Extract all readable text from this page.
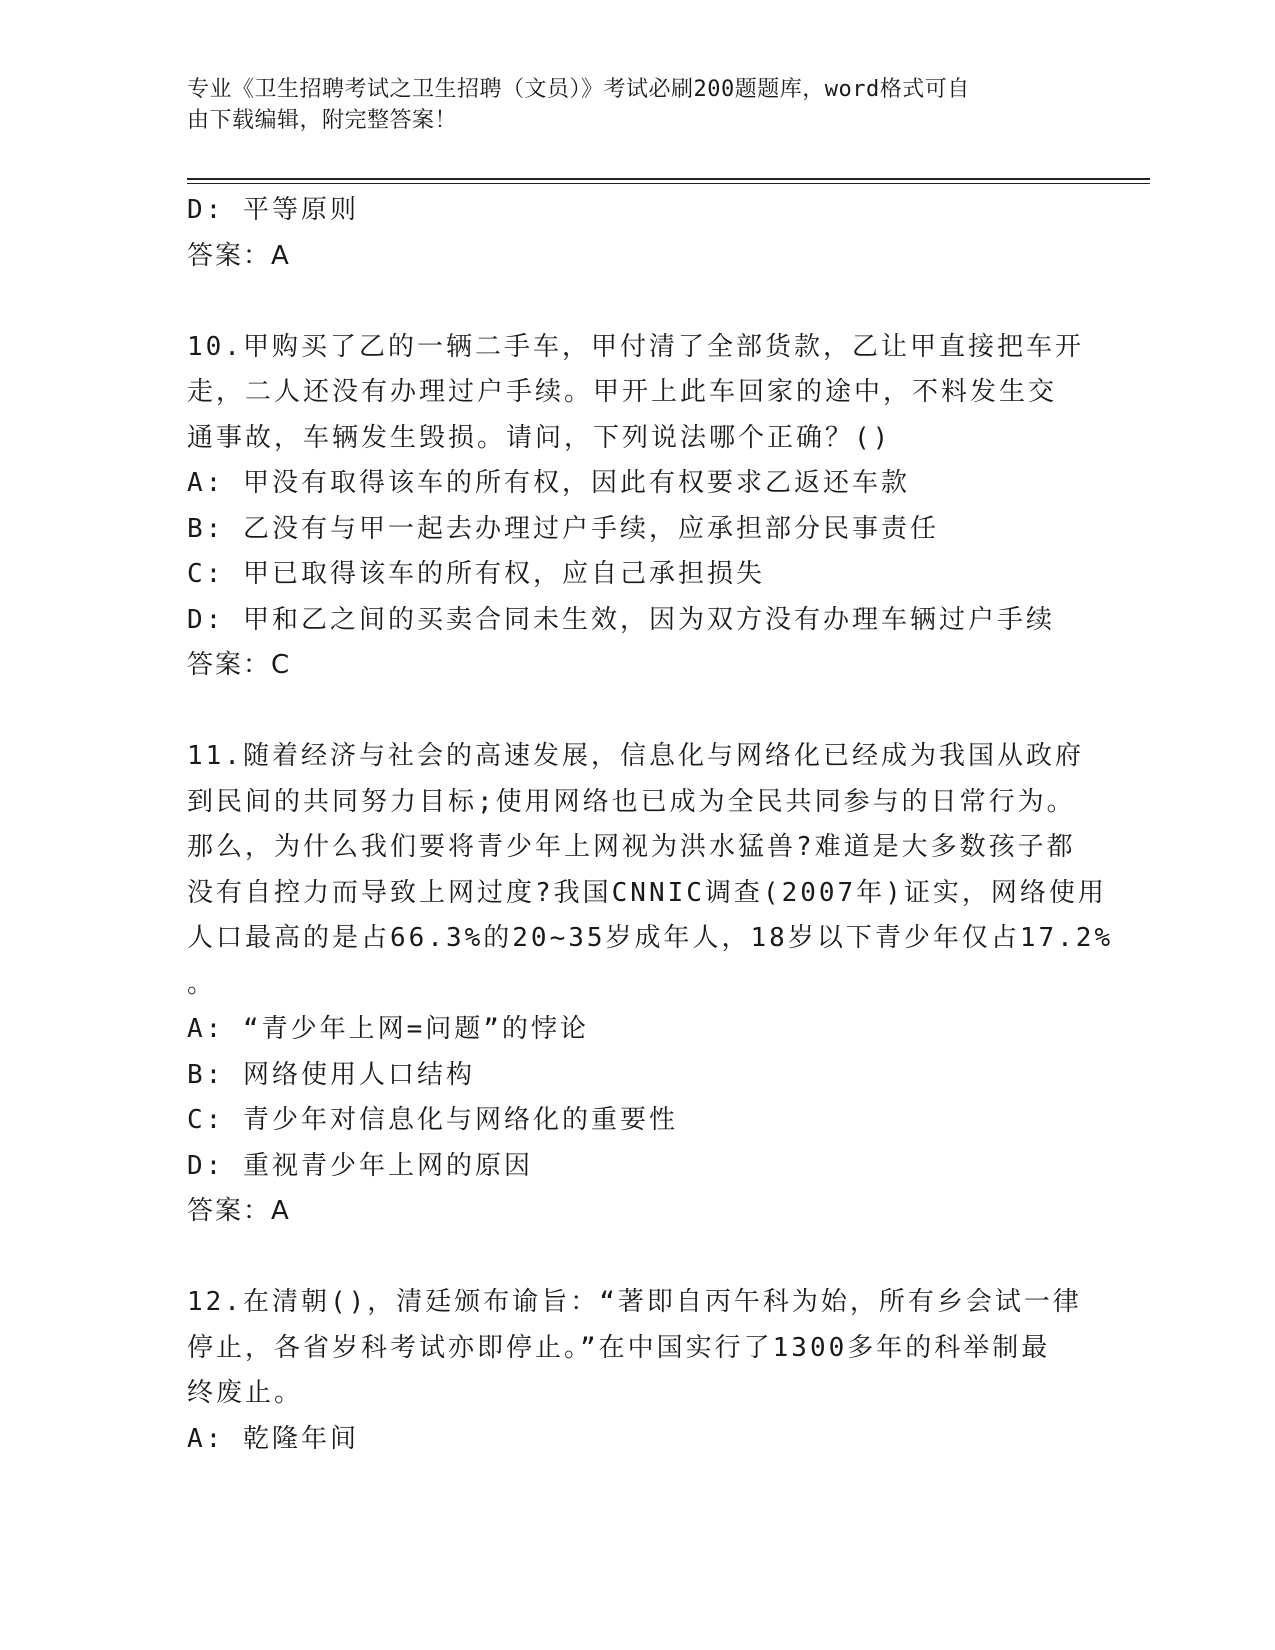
专业《卫生招聘考试之卫生招聘（文员）》考试必刷200题题库，word格式可自
由下载编辑，附完整答案！
D: 平等原则
答案：A
10.甲购买了乙的一辆二手车，甲付清了全部货款，乙让甲直接把车开
走，二人还没有办理过户手续。甲开上此车回家的途中，不料发生交
通事故，车辆发生毁损。请问，下列说法哪个正确？()
A: 甲没有取得该车的所有权，因此有权要求乙返还车款
B: 乙没有与甲一起去办理过户手续，应承担部分民事责任
C: 甲已取得该车的所有权，应自己承担损失
D: 甲和乙之间的买卖合同未生效，因为双方没有办理车辆过户手续
答案：C
11.随着经济与社会的高速发展，信息化与网络化已经成为我国从政府
到民间的共同努力目标;使用网络也已成为全民共同参与的日常行为。
那么，为什么我们要将青少年上网视为洪水猛兽?难道是大多数孩子都
没有自控力而导致上网过度?我国CNNIC调查(2007年)证实，网络使用
人口最高的是占66.3%的20~35岁成年人，18岁以下青少年仅占17.2%
。
A: “青少年上网=问题”的悖论
B: 网络使用人口结构
C: 青少年对信息化与网络化的重要性
D: 重视青少年上网的原因
答案：A
12.在清朝()，清廷颁布谕旨：“著即自丙午科为始，所有乡会试一律
停止，各省岁科考试亦即停止。”在中国实行了1300多年的科举制最
终废止。
A: 乾隆年间
